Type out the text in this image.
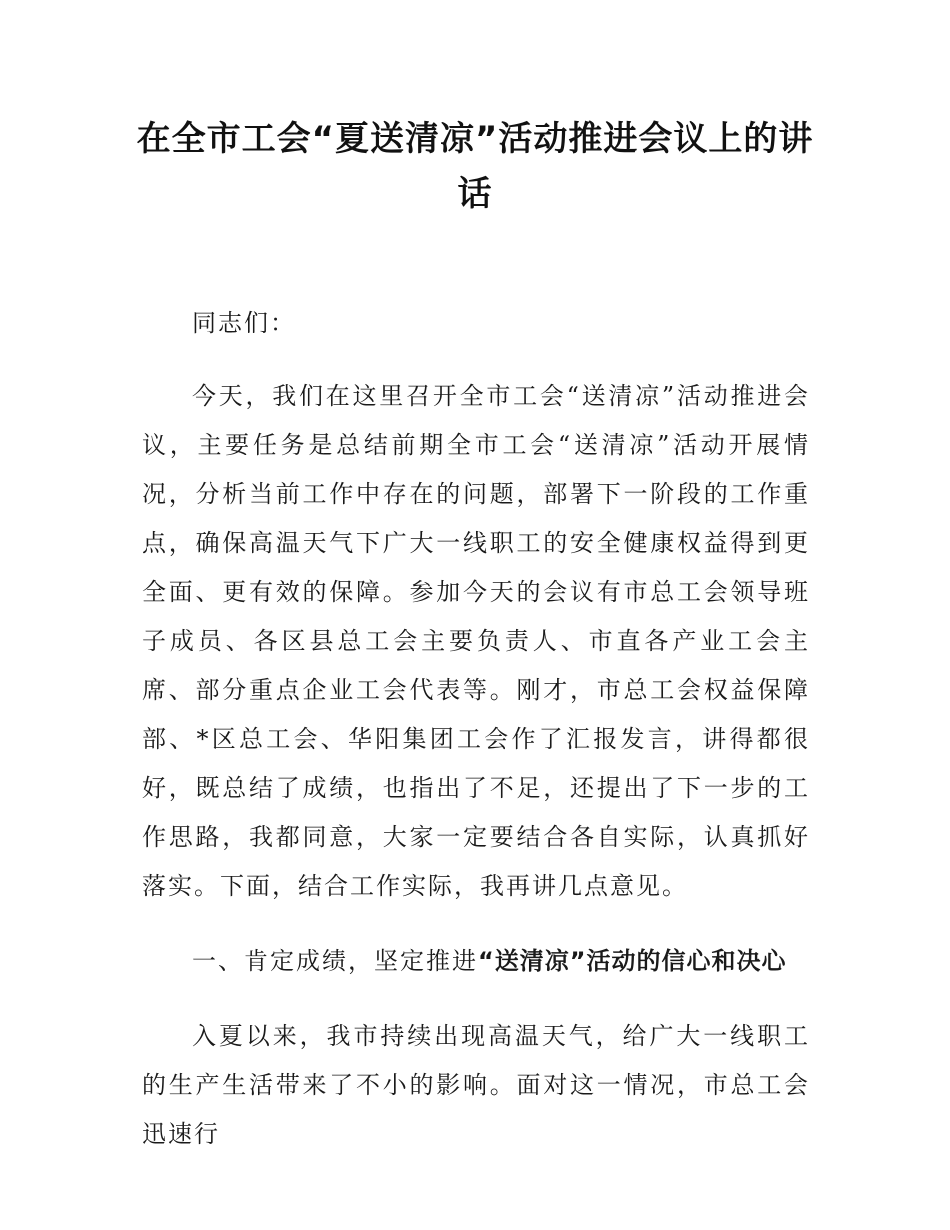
在全市工会“夏送清凉”活动推进会议上的讲话

同志们：

今天，我们在这里召开全市工会“送清凉”活动推进会议，主要任务是总结前期全市工会“送清凉”活动开展情况，分析当前工作中存在的问题，部署下一阶段的工作重点，确保高温天气下广大一线职工的安全健康权益得到更全面、更有效的保障。参加今天的会议有市总工会领导班子成员、各区县总工会主要负责人、市直各产业工会主席、部分重点企业工会代表等。刚才，市总工会权益保障部、*区总工会、华阳集团工会作了汇报发言，讲得都很好，既总结了成绩，也指出了不足，还提出了下一步的工作思路，我都同意，大家一定要结合各自实际，认真抓好落实。下面，结合工作实际，我再讲几点意见。

一、肯定成绩，坚定推进“送清凉”活动的信心和决心

入夏以来，我市持续出现高温天气，给广大一线职工的生产生活带来了不小的影响。面对这一情况，市总工会迅速行
